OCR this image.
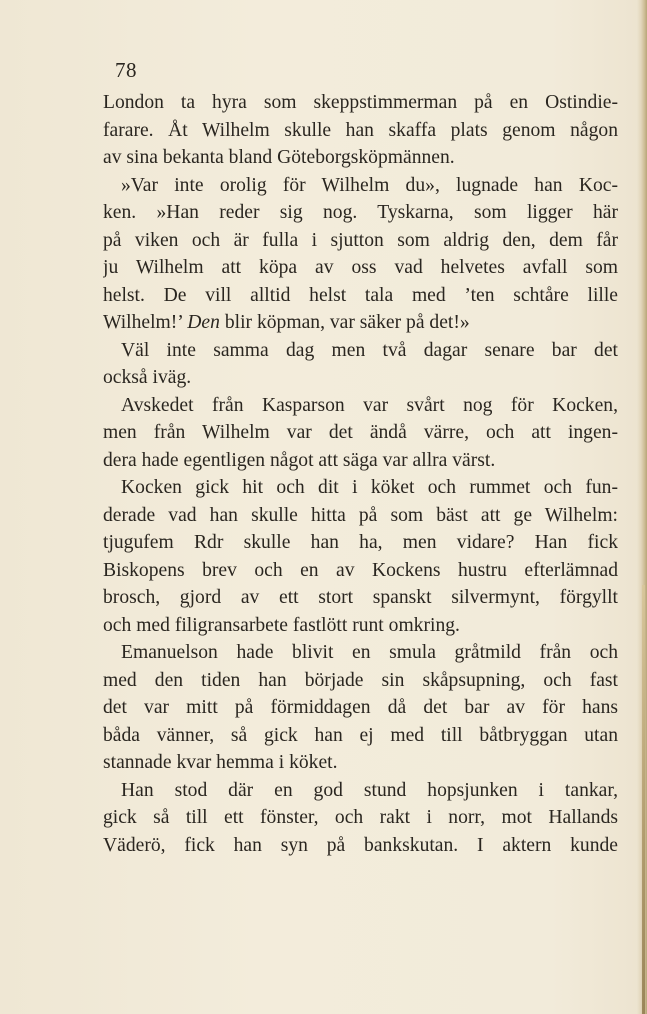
78
London ta hyra som skeppstimmerman på en Ostindie-
farare. Åt Wilhelm skulle han skaffa plats genom någon
av sina bekanta bland Göteborgsköpmännen.
»Var inte orolig för Wilhelm du», lugnade han Koc-
ken. »Han reder sig nog. Tyskarna, som ligger här
på viken och är fulla i sjutton som aldrig den, dem får
ju Wilhelm att köpa av oss vad helvetes avfall som
helst. De vill alltid helst tala med ’ten schtåre lille
Wilhelm!’ Den blir köpman, var säker på det!»
Väl inte samma dag men två dagar senare bar det
också iväg.
Avskedet från Kasparson var svårt nog för Kocken,
men från Wilhelm var det ändå värre, och att ingen-
dera hade egentligen något att säga var allra värst.
Kocken gick hit och dit i köket och rummet och fun-
derade vad han skulle hitta på som bäst att ge Wilhelm:
tjugufem Rdr skulle han ha, men vidare? Han fick
Biskopens brev och en av Kockens hustru efterlämnad
brosch, gjord av ett stort spanskt silvermynt, förgyllt
och med filigransarbete fastlött runt omkring.
Emanuelson hade blivit en smula gråtmild från och
med den tiden han började sin skåpsupning, och fast
det var mitt på förmiddagen då det bar av för hans
båda vänner, så gick han ej med till båtbryggan utan
stannade kvar hemma i köket.
Han stod där en god stund hopsjunken i tankar,
gick så till ett fönster, och rakt i norr, mot Hallands
Väderö, fick han syn på bankskutan. I aktern kunde
